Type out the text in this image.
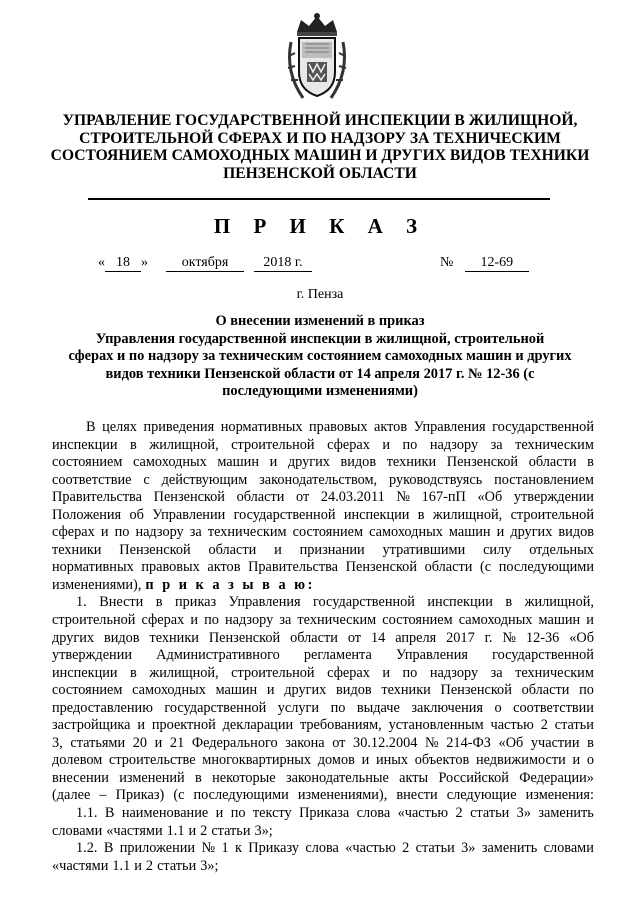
УПРАВЛЕНИЕ ГОСУДАРСТВЕННОЙ ИНСПЕКЦИИ В ЖИЛИЩНОЙ,
СТРОИТЕЛЬНОЙ СФЕРАХ И ПО НАДЗОРУ ЗА ТЕХНИЧЕСКИМ
СОСТОЯНИЕМ САМОХОДНЫХ МАШИН И ДРУГИХ ВИДОВ ТЕХНИКИ
ПЕНЗЕНСКОЙ ОБЛАСТИ
П Р И К А З
« 18 »	октября	2018 г.	№ 12-69
г. Пенза
О внесении изменений в приказ
Управления государственной инспекции в жилищной, строительной
сферах и по надзору за техническим состоянием самоходных машин и других
видов техники Пензенской области от 14 апреля 2017 г. № 12-36 (с
последующими изменениями)
В целях приведения нормативных правовых актов Управления государственной
инспекции в жилищной, строительной сферах и по надзору за техническим
состоянием самоходных машин и других видов техники Пензенской области в
соответствие с действующим законодательством, руководствуясь постановлением
Правительства Пензенской области от 24.03.2011 № 167-пП «Об утверждении
Положения об Управлении государственной инспекции в жилищной, строительной
сферах и по надзору за техническим состоянием самоходных машин и других видов
техники Пензенской области и признании утратившими силу отдельных
нормативных правовых актов Правительства Пензенской области (с последующими
изменениями), п р и к а з ы в а ю:
1. Внести в приказ Управления государственной инспекции в жилищной,
строительной сферах и по надзору за техническим состоянием самоходных машин и
других видов техники Пензенской области от 14 апреля 2017 г. № 12-36 «Об
утверждении Административного регламента Управления государственной
инспекции в жилищной, строительной сферах и по надзору за техническим
состоянием самоходных машин и других видов техники Пензенской области по
предоставлению государственной услуги по выдаче заключения о соответствии
застройщика и проектной декларации требованиям, установленным частью 2 статьи
3, статьями 20 и 21 Федерального закона от 30.12.2004 № 214-ФЗ «Об участии в
долевом строительстве многоквартирных домов и иных объектов недвижимости и о
внесении изменений в некоторые законодательные акты Российской Федерации»
(далее – Приказ) (с последующими изменениями), внести следующие изменения:
1.1. В наименование и по тексту Приказа слова «частью 2 статьи 3» заменить
словами «частями 1.1 и 2 статьи 3»;
1.2. В приложении № 1 к Приказу слова «частью 2 статьи 3» заменить словами
«частями 1.1 и 2 статьи 3»;
